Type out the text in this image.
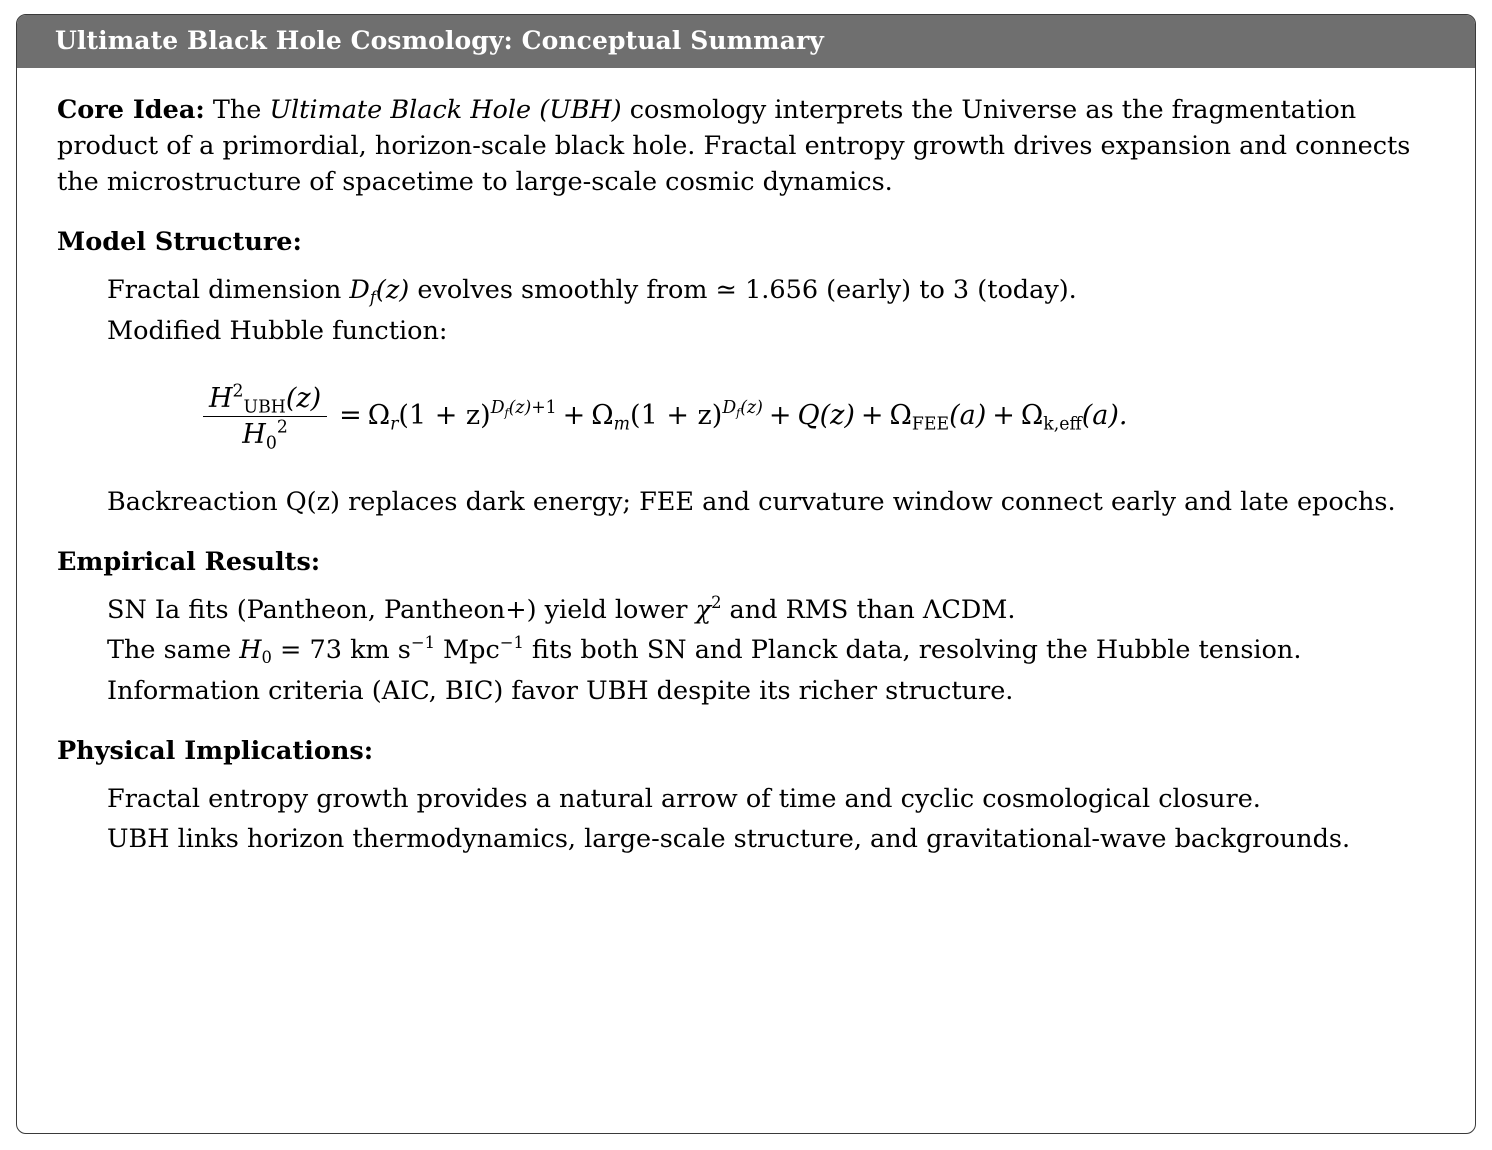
Ultimate Black Hole Cosmology: Conceptual Summary

Core Idea: The Ultimate Black Hole (UBH) cosmology interprets the Universe as the fragmentation product of a primordial, horizon-scale black hole. Fractal entropy growth drives expansion and connects the microstructure of spacetime to large-scale cosmic dynamics.

Model Structure:
Fractal dimension $D_f(z)$ evolves smoothly from ≃ 1.656 (early) to 3 (today).
Modified Hubble function:
$\frac{H^2_{UBH}(z)}{H_0^2} = \Omega_r(1 + z)^{D_f(z)+1} + \Omega_m(1 + z)^{D_f(z)} + Q(z) + \Omega_{FEE}(a) + \Omega_{k,eff}(a)$.
Backreaction Q(z) replaces dark energy; FEE and curvature window connect early and late epochs.
Empirical Results:
SN Ia fits (Pantheon, Pantheon+) yield lower $\chi^2$ and RMS than ΛCDM.
The same $H_0 = 73$ km $s^{-1}$ Mpc$^{-1}$ fits both SN and Planck data, resolving the Hubble tension.
Information criteria (AIC, BIC) favor UBH despite its richer structure.
Physical Implications:
Fractal entropy growth provides a natural arrow of time and cyclic cosmological closure.
UBH links horizon thermodynamics, large-scale structure, and gravitational-wave backgrounds.
